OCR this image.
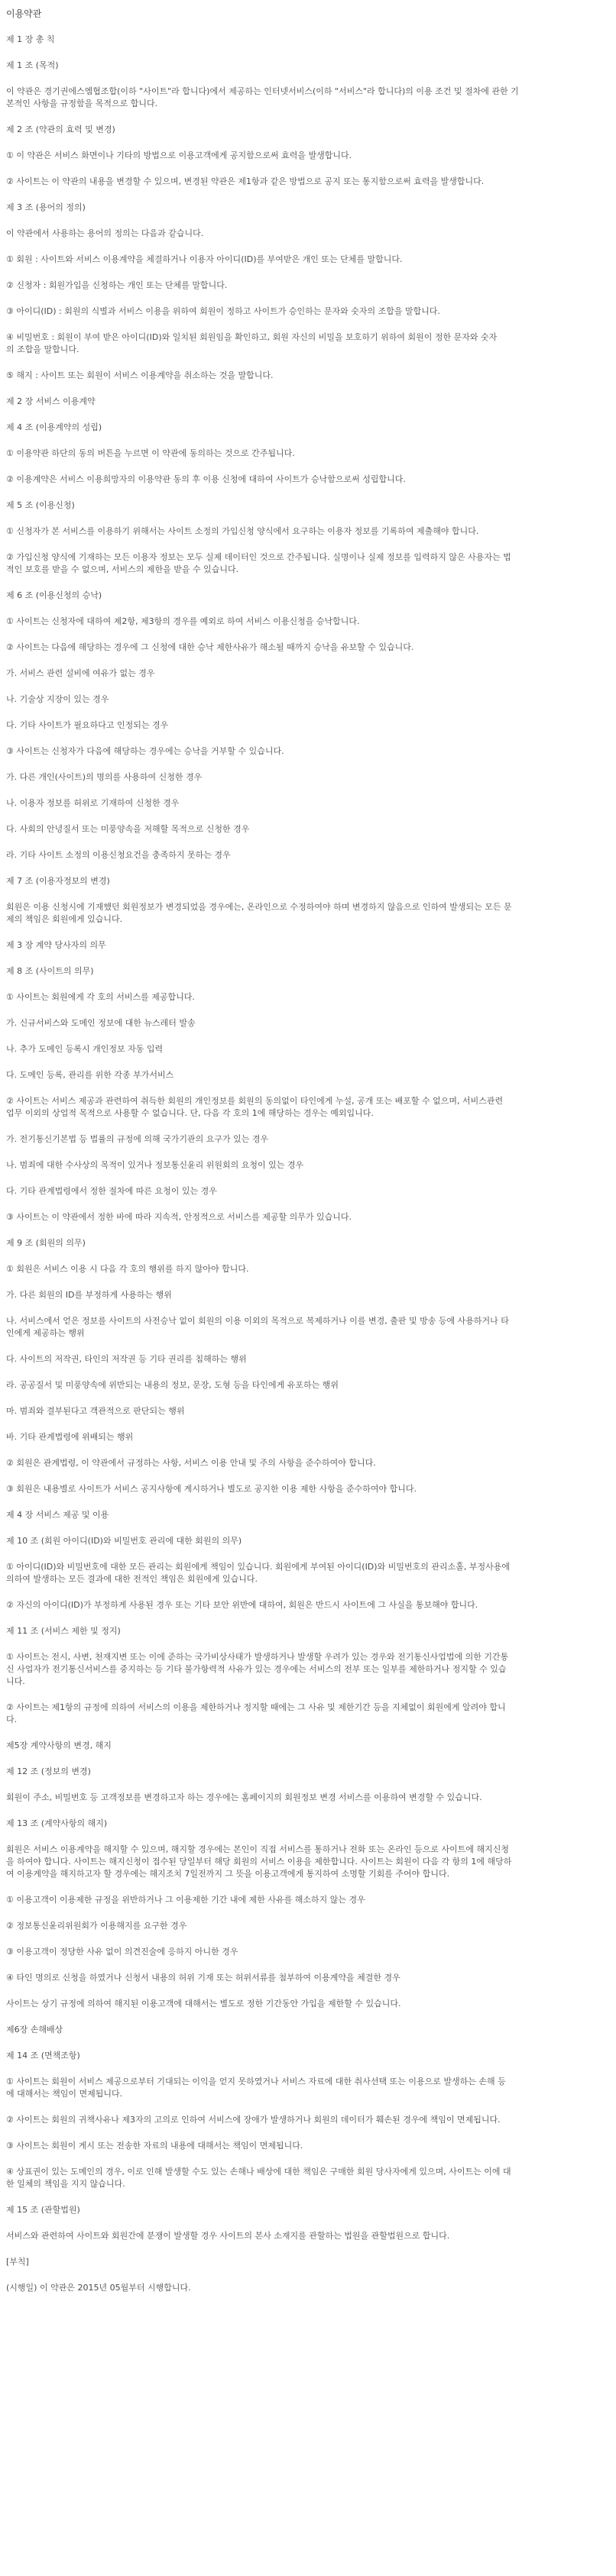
이용약관

제 1 장 총 칙

제 1 조 (목적)

이 약관은 경기권에스엠협조합(이하 "사이트"라 합니다)에서 제공하는 인터넷서비스(이하 "서비스"라 합니다)의 이용 조건 및 절차에 관한 기

본적인 사항을 규정함을 목적으로 합니다.

제 2 조 (약관의 효력 및 변경)

① 이 약관은 서비스 화면이나 기타의 방법으로 이용고객에게 공지함으로써 효력을 발생합니다.

② 사이트는 이 약관의 내용을 변경할 수 있으며, 변경된 약관은 제1항과 같은 방법으로 공지 또는 통지함으로써 효력을 발생합니다.

제 3 조 (용어의 정의)

이 약관에서 사용하는 용어의 정의는 다음과 같습니다.

① 회원 : 사이트와 서비스 이용계약을 체결하거나 이용자 아이디(ID)를 부여받은 개인 또는 단체를 말합니다.

② 신청자 : 회원가입을 신청하는 개인 또는 단체를 말합니다.

③ 아이디(ID) : 회원의 식별과 서비스 이용을 위하여 회원이 정하고 사이트가 승인하는 문자와 숫자의 조합을 말합니다.

④ 비밀번호 : 회원이 부여 받은 아이디(ID)와 일치된 회원임을 확인하고, 회원 자신의 비밀을 보호하기 위하여 회원이 정한 문자와 숫자

의 조합을 말합니다.

⑤ 해지 : 사이트 또는 회원이 서비스 이용계약을 취소하는 것을 말합니다.

제 2 장 서비스 이용계약

제 4 조 (이용계약의 성립)

① 이용약관 하단의 동의 버튼을 누르면 이 약관에 동의하는 것으로 간주됩니다.

② 이용계약은 서비스 이용희망자의 이용약관 동의 후 이용 신청에 대하여 사이트가 승낙함으로써 성립합니다.

제 5 조 (이용신청)

① 신청자가 본 서비스를 이용하기 위해서는 사이트 소정의 가입신청 양식에서 요구하는 이용자 정보를 기록하여 제출해야 합니다.

② 가입신청 양식에 기재하는 모든 이용자 정보는 모두 실제 데이터인 것으로 간주됩니다. 실명이나 실제 정보를 입력하지 않은 사용자는 법

적인 보호를 받을 수 없으며, 서비스의 제한을 받을 수 있습니다.

제 6 조 (이용신청의 승낙)

① 사이트는 신청자에 대하여 제2항, 제3항의 경우를 예외로 하여 서비스 이용신청을 승낙합니다.

② 사이트는 다음에 해당하는 경우에 그 신청에 대한 승낙 제한사유가 해소될 때까지 승낙을 유보할 수 있습니다.

가. 서비스 관련 설비에 여유가 없는 경우

나. 기술상 지장이 있는 경우

다. 기타 사이트가 필요하다고 인정되는 경우

③ 사이트는 신청자가 다음에 해당하는 경우에는 승낙을 거부할 수 있습니다.

가. 다른 개인(사이트)의 명의를 사용하여 신청한 경우

나. 이용자 정보를 허위로 기재하여 신청한 경우

다. 사회의 안녕질서 또는 미풍양속을 저해할 목적으로 신청한 경우

라. 기타 사이트 소정의 이용신청요건을 충족하지 못하는 경우

제 7 조 (이용자정보의 변경)

회원은 이용 신청시에 기재했던 회원정보가 변경되었을 경우에는, 온라인으로 수정하여야 하며 변경하지 않음으로 인하여 발생되는 모든 문

제의 책임은 회원에게 있습니다.

제 3 장 계약 당사자의 의무

제 8 조 (사이트의 의무)

① 사이트는 회원에게 각 호의 서비스를 제공합니다.

가. 신규서비스와 도메인 정보에 대한 뉴스레터 발송

나. 추가 도메인 등록시 개인정보 자동 입력

다. 도메인 등록, 관리를 위한 각종 부가서비스

② 사이트는 서비스 제공과 관련하여 취득한 회원의 개인정보를 회원의 동의없이 타인에게 누설, 공개 또는 배포할 수 없으며, 서비스관련

업무 이외의 상업적 목적으로 사용할 수 없습니다. 단, 다음 각 호의 1에 해당하는 경우는 예외입니다.

가. 전기통신기본법 등 법률의 규정에 의해 국가기관의 요구가 있는 경우

나. 범죄에 대한 수사상의 목적이 있거나 정보통신윤리 위원회의 요청이 있는 경우

다. 기타 관계법령에서 정한 절차에 따른 요청이 있는 경우

③ 사이트는 이 약관에서 정한 바에 따라 지속적, 안정적으로 서비스를 제공할 의무가 있습니다.

제 9 조 (회원의 의무)

① 회원은 서비스 이용 시 다음 각 호의 행위를 하지 않아야 합니다.

가. 다른 회원의 ID를 부정하게 사용하는 행위

나. 서비스에서 얻은 정보를 사이트의 사전승낙 없이 회원의 이용 이외의 목적으로 복제하거나 이를 변경, 출판 및 방송 등에 사용하거나 타

인에게 제공하는 행위

다. 사이트의 저작권, 타인의 저작권 등 기타 권리를 침해하는 행위

라. 공공질서 및 미풍양속에 위반되는 내용의 정보, 문장, 도형 등을 타인에게 유포하는 행위

마. 범죄와 결부된다고 객관적으로 판단되는 행위

바. 기타 관계법령에 위배되는 행위

② 회원은 관계법령, 이 약관에서 규정하는 사항, 서비스 이용 안내 및 주의 사항을 준수하여야 합니다.

③ 회원은 내용별로 사이트가 서비스 공지사항에 게시하거나 별도로 공지한 이용 제한 사항을 준수하여야 합니다.

제 4 장 서비스 제공 및 이용

제 10 조 (회원 아이디(ID)와 비밀번호 관리에 대한 회원의 의무)

① 아이디(ID)와 비밀번호에 대한 모든 관리는 회원에게 책임이 있습니다. 회원에게 부여된 아이디(ID)와 비밀번호의 관리소홀, 부정사용에

의하여 발생하는 모든 결과에 대한 전적인 책임은 회원에게 있습니다.

② 자신의 아이디(ID)가 부정하게 사용된 경우 또는 기타 보안 위반에 대하여, 회원은 반드시 사이트에 그 사실을 통보해야 합니다.

제 11 조 (서비스 제한 및 정지)

① 사이트는 전시, 사변, 천재지변 또는 이에 준하는 국가비상사태가 발생하거나 발생할 우려가 있는 경우와 전기통신사업법에 의한 기간통

신 사업자가 전기통신서비스를 중지하는 등 기타 불가항력적 사유가 있는 경우에는 서비스의 전부 또는 일부를 제한하거나 정지할 수 있습

니다.

② 사이트는 제1항의 규정에 의하여 서비스의 이용을 제한하거나 정지할 때에는 그 사유 및 제한기간 등을 지체없이 회원에게 알려야 합니

다.

제5장 계약사항의 변경, 해지

제 12 조 (정보의 변경)

회원이 주소, 비밀번호 등 고객정보를 변경하고자 하는 경우에는 홈페이지의 회원정보 변경 서비스를 이용하여 변경할 수 있습니다.

제 13 조 (계약사항의 해지)

회원은 서비스 이용계약을 해지할 수 있으며, 해지할 경우에는 본인이 직접 서비스를 통하거나 전화 또는 온라인 등으로 사이트에 해지신청

을 하여야 합니다. 사이트는 해지신청이 접수된 당일부터 해당 회원의 서비스 이용을 제한합니다. 사이트는 회원이 다음 각 항의 1에 해당하

여 이용계약을 해지하고자 할 경우에는 해지조치 7일전까지 그 뜻을 이용고객에게 통지하여 소명할 기회를 주어야 합니다.

① 이용고객이 이용제한 규정을 위반하거나 그 이용제한 기간 내에 제한 사유를 해소하지 않는 경우

② 정보통신윤리위원회가 이용해지를 요구한 경우

③ 이용고객이 정당한 사유 없이 의견진술에 응하지 아니한 경우

④ 타인 명의로 신청을 하였거나 신청서 내용의 허위 기재 또는 허위서류를 첨부하여 이용계약을 체결한 경우

사이트는 상기 규정에 의하여 해지된 이용고객에 대해서는 별도로 정한 기간동안 가입을 제한할 수 있습니다.

제6장 손해배상

제 14 조 (면책조항)

① 사이트는 회원이 서비스 제공으로부터 기대되는 이익을 얻지 못하였거나 서비스 자료에 대한 취사선택 또는 이용으로 발생하는 손해 등

에 대해서는 책임이 면제됩니다.

② 사이트는 회원의 귀책사유나 제3자의 고의로 인하여 서비스에 장애가 발생하거나 회원의 데이터가 훼손된 경우에 책임이 면제됩니다.

③ 사이트는 회원이 게시 또는 전송한 자료의 내용에 대해서는 책임이 면제됩니다.

④ 상표권이 있는 도메인의 경우, 이로 인해 발생할 수도 있는 손해나 배상에 대한 책임은 구매한 회원 당사자에게 있으며, 사이트는 이에 대

한 일체의 책임을 지지 않습니다.

제 15 조 (관할법원)

서비스와 관련하여 사이트와 회원간에 분쟁이 발생할 경우 사이트의 본사 소재지를 관할하는 법원을 관할법원으로 합니다.

[부칙]

(시행일) 이 약관은 2015년 05월부터 시행합니다.
